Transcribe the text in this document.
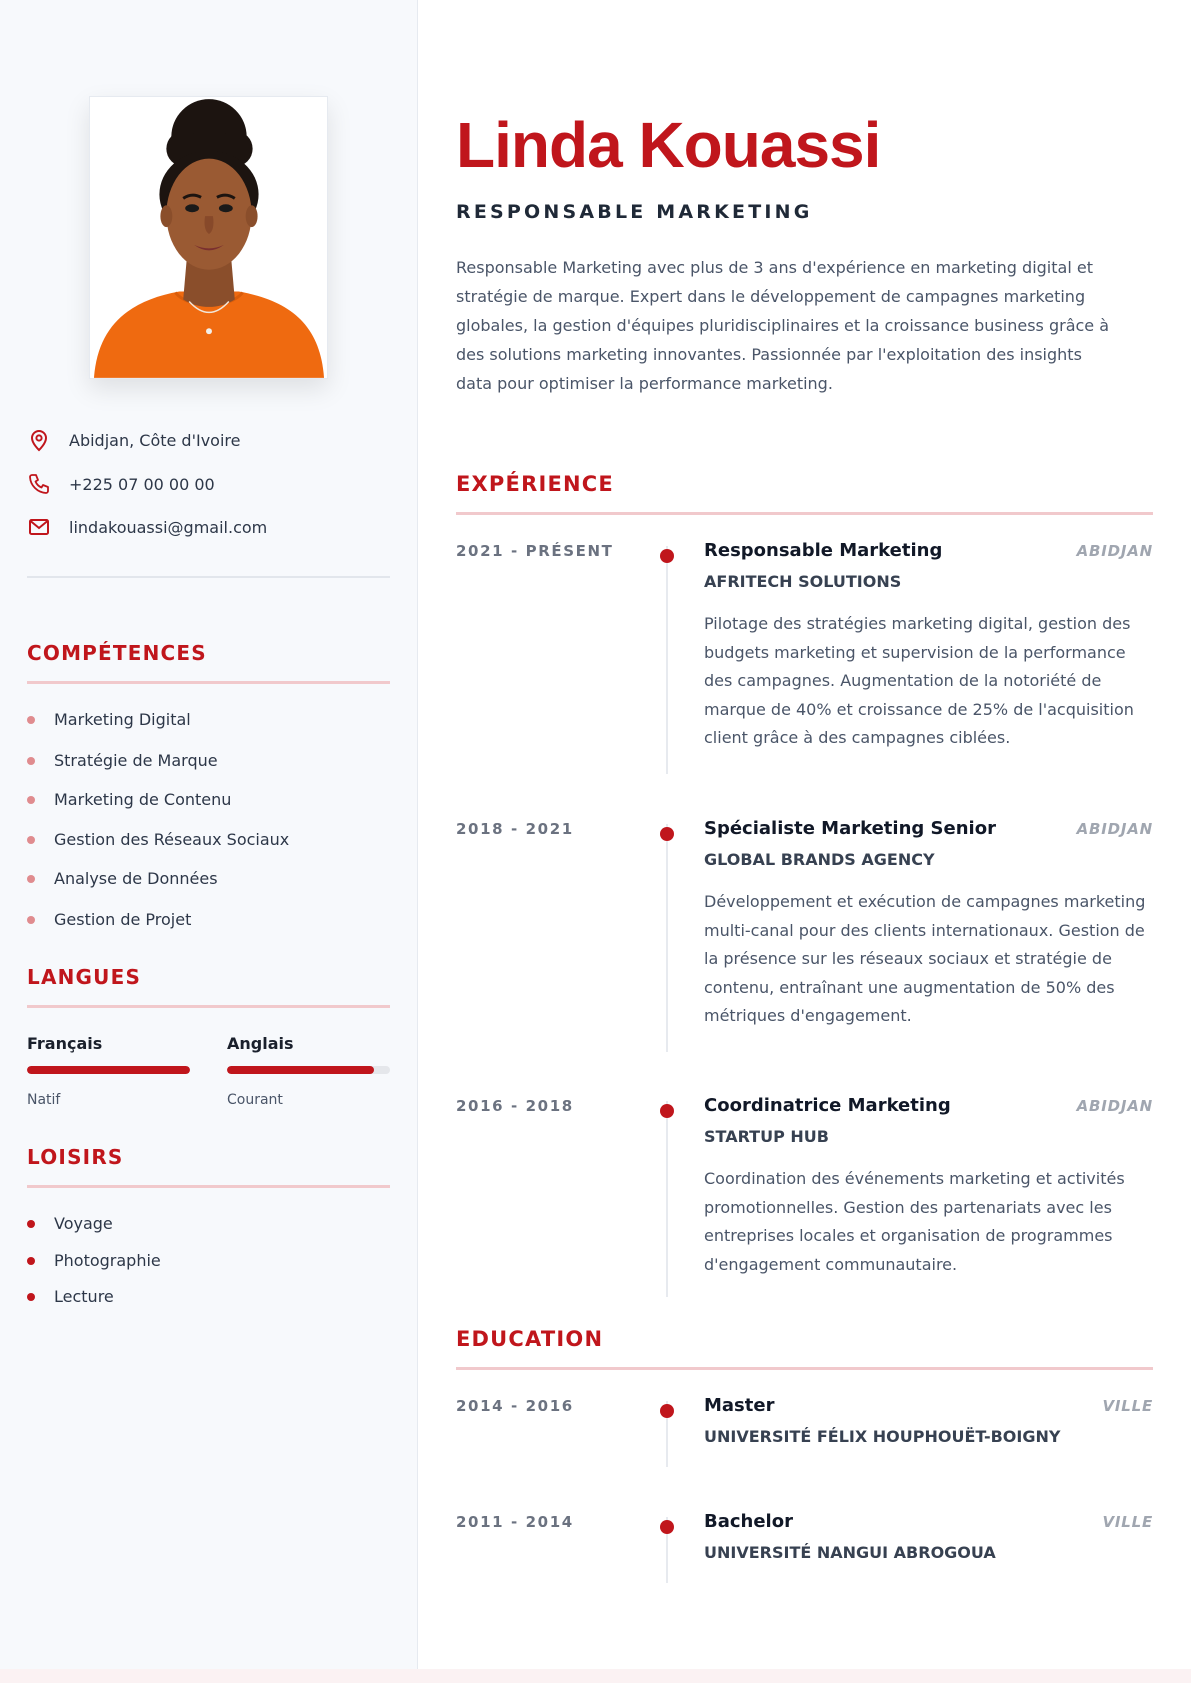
Abidjan, Côte d'Ivoire
+225 07 00 00 00
lindakouassi@gmail.com
COMPÉTENCES
Marketing Digital
Stratégie de Marque
Marketing de Contenu
Gestion des Réseaux Sociaux
Analyse de Données
Gestion de Projet
LANGUES
Français
Natif
Anglais
Courant
LOISIRS
Voyage
Photographie
Lecture
Linda Kouassi
RESPONSABLE MARKETING
Responsable Marketing avec plus de 3 ans d'expérience en marketing digital et stratégie de marque. Expert dans le développement de campagnes marketing globales, la gestion d'équipes pluridisciplinaires et la croissance business grâce à des solutions marketing innovantes. Passionnée par l'exploitation des insights data pour optimiser la performance marketing.
EXPÉRIENCE
2021 - PRÉSENT	Responsable Marketing	ABIDJAN
AFRITECH SOLUTIONS
Pilotage des stratégies marketing digital, gestion des budgets marketing et supervision de la performance des campagnes. Augmentation de la notoriété de marque de 40% et croissance de 25% de l'acquisition client grâce à des campagnes ciblées.
2018 - 2021	Spécialiste Marketing Senior	ABIDJAN
GLOBAL BRANDS AGENCY
Développement et exécution de campagnes marketing multi-canal pour des clients internationaux. Gestion de la présence sur les réseaux sociaux et stratégie de contenu, entraînant une augmentation de 50% des métriques d'engagement.
2016 - 2018	Coordinatrice Marketing	ABIDJAN
STARTUP HUB
Coordination des événements marketing et activités promotionnelles. Gestion des partenariats avec les entreprises locales et organisation de programmes d'engagement communautaire.
EDUCATION
2014 - 2016	Master	VILLE
UNIVERSITÉ FÉLIX HOUPHOUËT-BOIGNY
2011 - 2014	Bachelor	VILLE
UNIVERSITÉ NANGUI ABROGOUA
